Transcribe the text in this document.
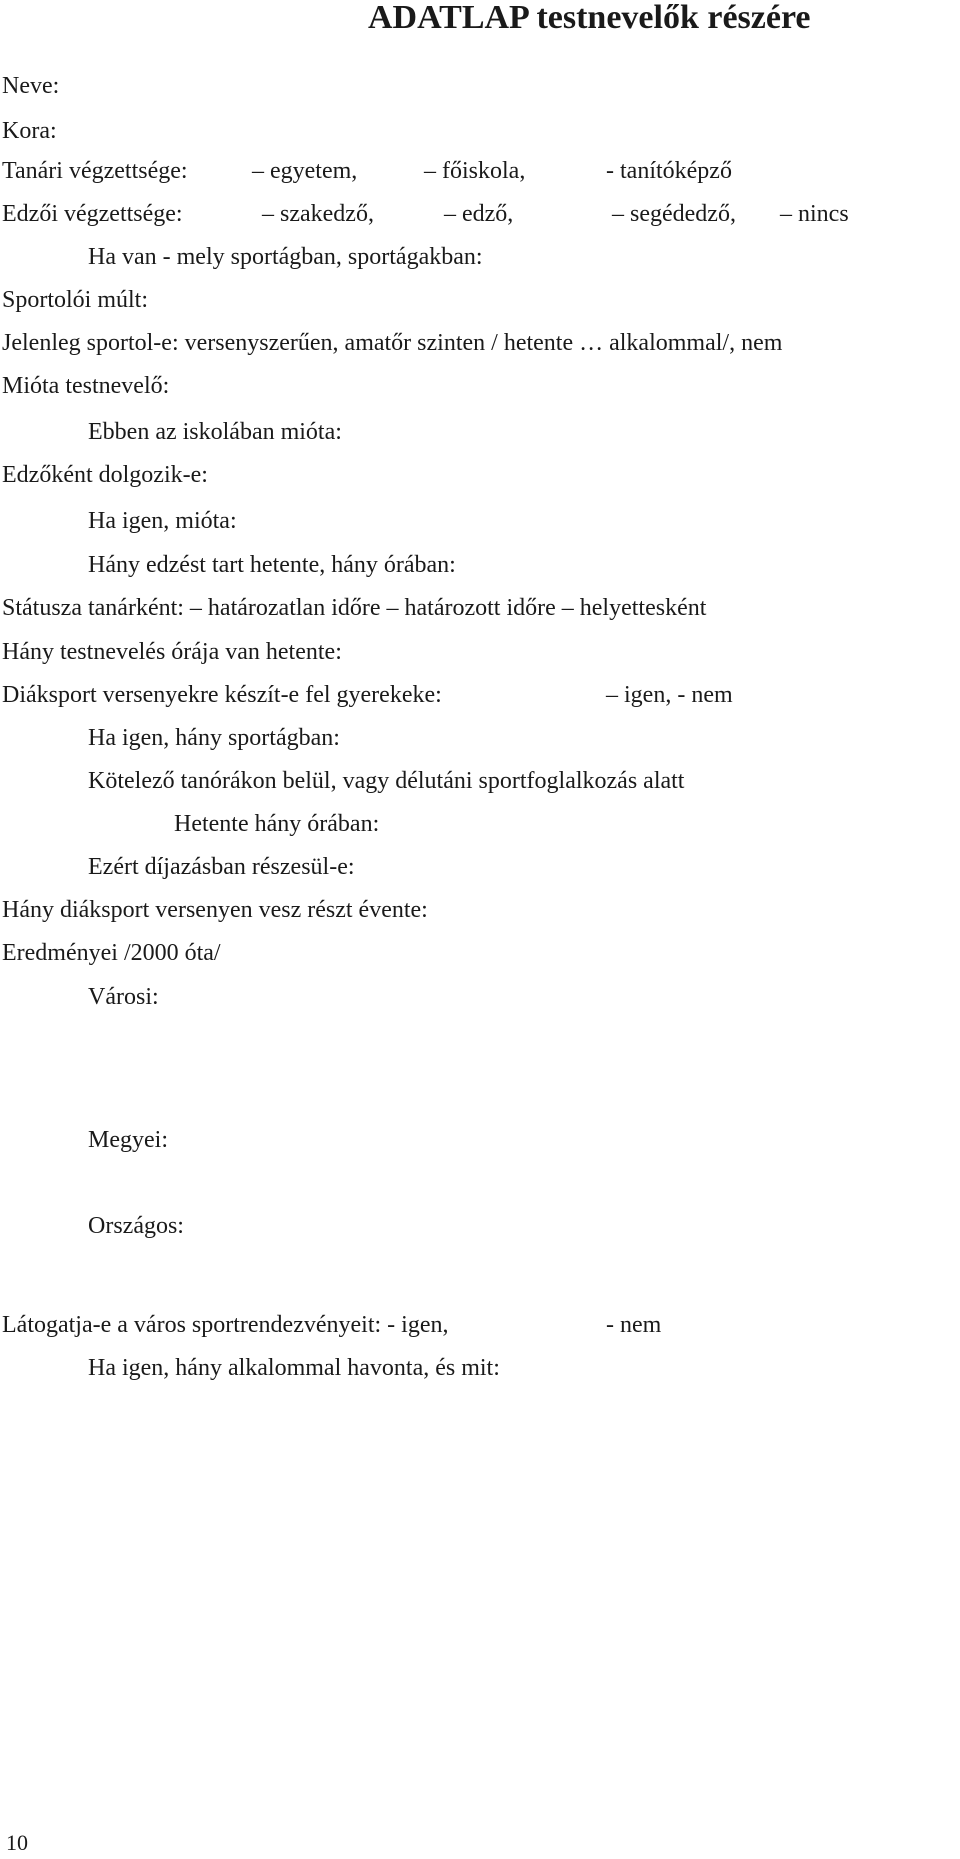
ADATLAP testnevelők részére
Neve:
Kora:
Tanári végzettsége:	– egyetem,	– főiskola,	- tanítóképző
Edzői végzettsége:	– szakedző,	– edző,	– segédedző, – nincs
Ha van - mely sportágban, sportágakban:
Sportolói múlt:
Jelenleg sportol-e: versenyszerűen, amatőr szinten / hetente … alkalommal/, nem
Mióta testnevelő:
Ebben az iskolában mióta:
Edzőként dolgozik-e:
Ha igen, mióta:
Hány edzést tart hetente, hány órában:
Státusza tanárként: – határozatlan időre – határozott időre – helyettesként
Hány testnevelés órája van hetente:
Diáksport versenyekre készít-e fel gyerekeke:	– igen, - nem
Ha igen, hány sportágban:
Kötelező tanórákon belül, vagy délutáni sportfoglalkozás alatt
Hetente hány órában:
Ezért díjazásban részesül-e:
Hány diáksport versenyen vesz részt évente:
Eredményei /2000 óta/
Városi:
Megyei:
Országos:
Látogatja-e a város sportrendezvényeit: - igen,	- nem
Ha igen, hány alkalommal havonta, és mit:
10
